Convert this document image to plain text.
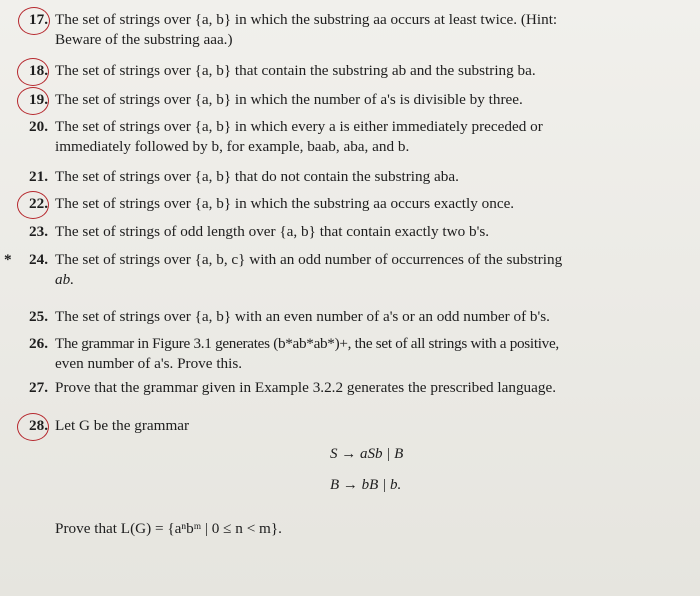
17. The set of strings over {a, b} in which the substring aa occurs at least twice. (Hint:
Beware of the substring aaa.)
18. The set of strings over {a, b} that contain the substring ab and the substring ba.
19. The set of strings over {a, b} in which the number of a's is divisible by three.
20. The set of strings over {a, b} in which every a is either immediately preceded or
immediately followed by b, for example, baab, aba, and b.
21. The set of strings over {a, b} that do not contain the substring aba.
22. The set of strings over {a, b} in which the substring aa occurs exactly once.
23. The set of strings of odd length over {a, b} that contain exactly two b's.
*	24. The set of strings over {a, b, c} with an odd number of occurrences of the substring
ab.
25. The set of strings over {a, b} with an even number of a's or an odd number of b's.
26. The grammar in Figure 3.1 generates (b*ab*ab*)+, the set of all strings with a positive,
even number of a's. Prove this.
27. Prove that the grammar given in Example 3.2.2 generates the prescribed language.
28. Let G be the grammar
S → aSb | B
B → bB | b.
Prove that L(G) = {aⁿbᵐ | 0 ≤ n < m}.
